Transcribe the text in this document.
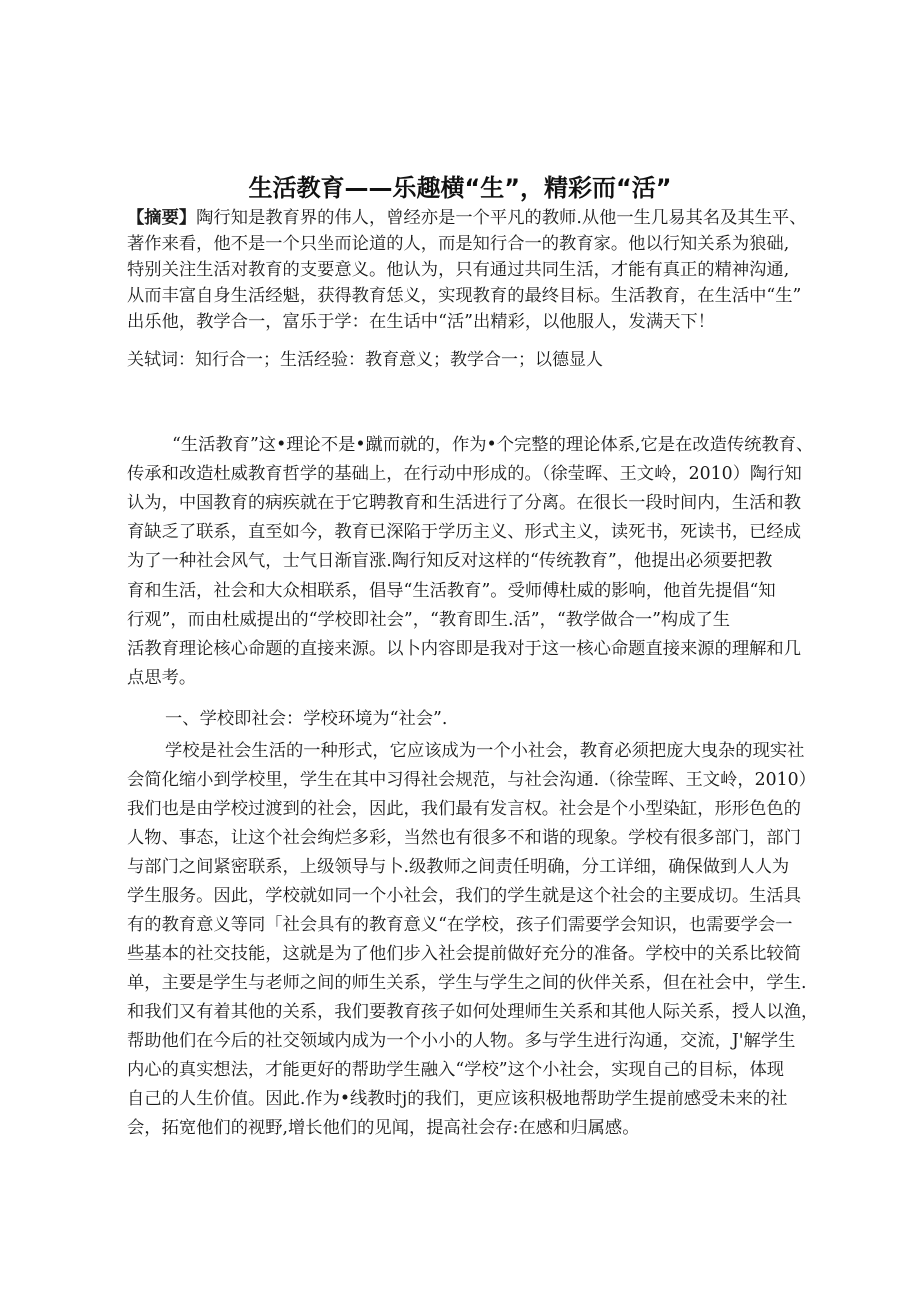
生活教育——乐趣横“生”，精彩而“活”
【摘要】陶行知是教育界的伟人，曾经亦是一个平凡的教师.从他一生几易其名及其生平、
著作来看，他不是一个只坐而论道的人，而是知行合一的教育家。他以行知关系为狼础,
特别关注生活对教育的支要意义。他认为，只有通过共同生活，才能有真正的精神沟通,
从而丰富自身生活经魁，获得教育恁义，实现教育的最终目标。生活教育，在生活中“生”
出乐他，教学合一，富乐于学：在生话中“活”出精彩，以他服人，发满天下！
关轼词：知行合一；生活经验：教育意义；教学合一；以德显人
“生活教育”这•理论不是•蹴而就的，作为•个完整的理论体系,它是在改造传统教育、
传承和改造杜威教育哲学的基础上，在行动中形成的。（徐莹晖、王文岭，2010）陶行知
认为，中国教育的病疾就在于它聘教育和生活进行了分离。在很长一段时间内，生活和教
育缺乏了联系，直至如今，教育已深陷于学历主义、形式主义，读死书，死读书，已经成
为了一种社会风气，士气日渐盲涨.陶行知反对这样的“传统教育”，他提出必须要把教
育和生活，社会和大众相联系，倡导“生活教育”。受师傅杜威的影响，他首先提倡“知
行观”，而由杜威提出的“学校即社会”，“教育即生.活”，“教学做合一”构成了生
活教育理论核心命题的直接来源。以卜内容即是我对于这一核心命题直接来源的理解和几
点思考。
一、学校即社会：学校环境为“社会”.
学校是社会生活的一种形式，它应该成为一个小社会，教育必须把庞大曳杂的现实社
会简化缩小到学校里，学生在其中习得社会规范，与社会沟通.（徐莹晖、王文岭，2010）
我们也是由学校过渡到的社会，因此，我们最有发言权。社会是个小型染缸，形形色色的
人物、事态，让这个社会绚烂多彩，当然也有很多不和谐的现象。学校有很多部门，部门
与部门之间紧密联系，上级领导与卜.级教师之间责任明确，分工详细，确保做到人人为
学生服务。因此，学校就如同一个小社会，我们的学生就是这个社会的主要成切。生活具
有的教育意义等同「社会具有的教育意义“在学校，孩子们需要学会知识，也需要学会一
些基本的社交技能，这就是为了他们步入社会提前做好充分的准备。学校中的关系比较简
单，主要是学生与老师之间的师生关系，学生与学生之间的伙伴关系，但在社会中，学生.
和我们又有着其他的关系，我们要教育孩子如何处理师生关系和其他人际关系，授人以渔，
帮助他们在今后的社交领域内成为一个小小的人物。多与学生进行沟通，交流，J'解学生
内心的真实想法，才能更好的帮助学生融入“学校”这个小社会，实现自己的目标，体现
自己的人生价值。因此.作为•线教时j的我们，更应该积极地帮助学生提前感受未来的社
会，拓宽他们的视野,增长他们的见闻，提高社会存:在感和归属感。
